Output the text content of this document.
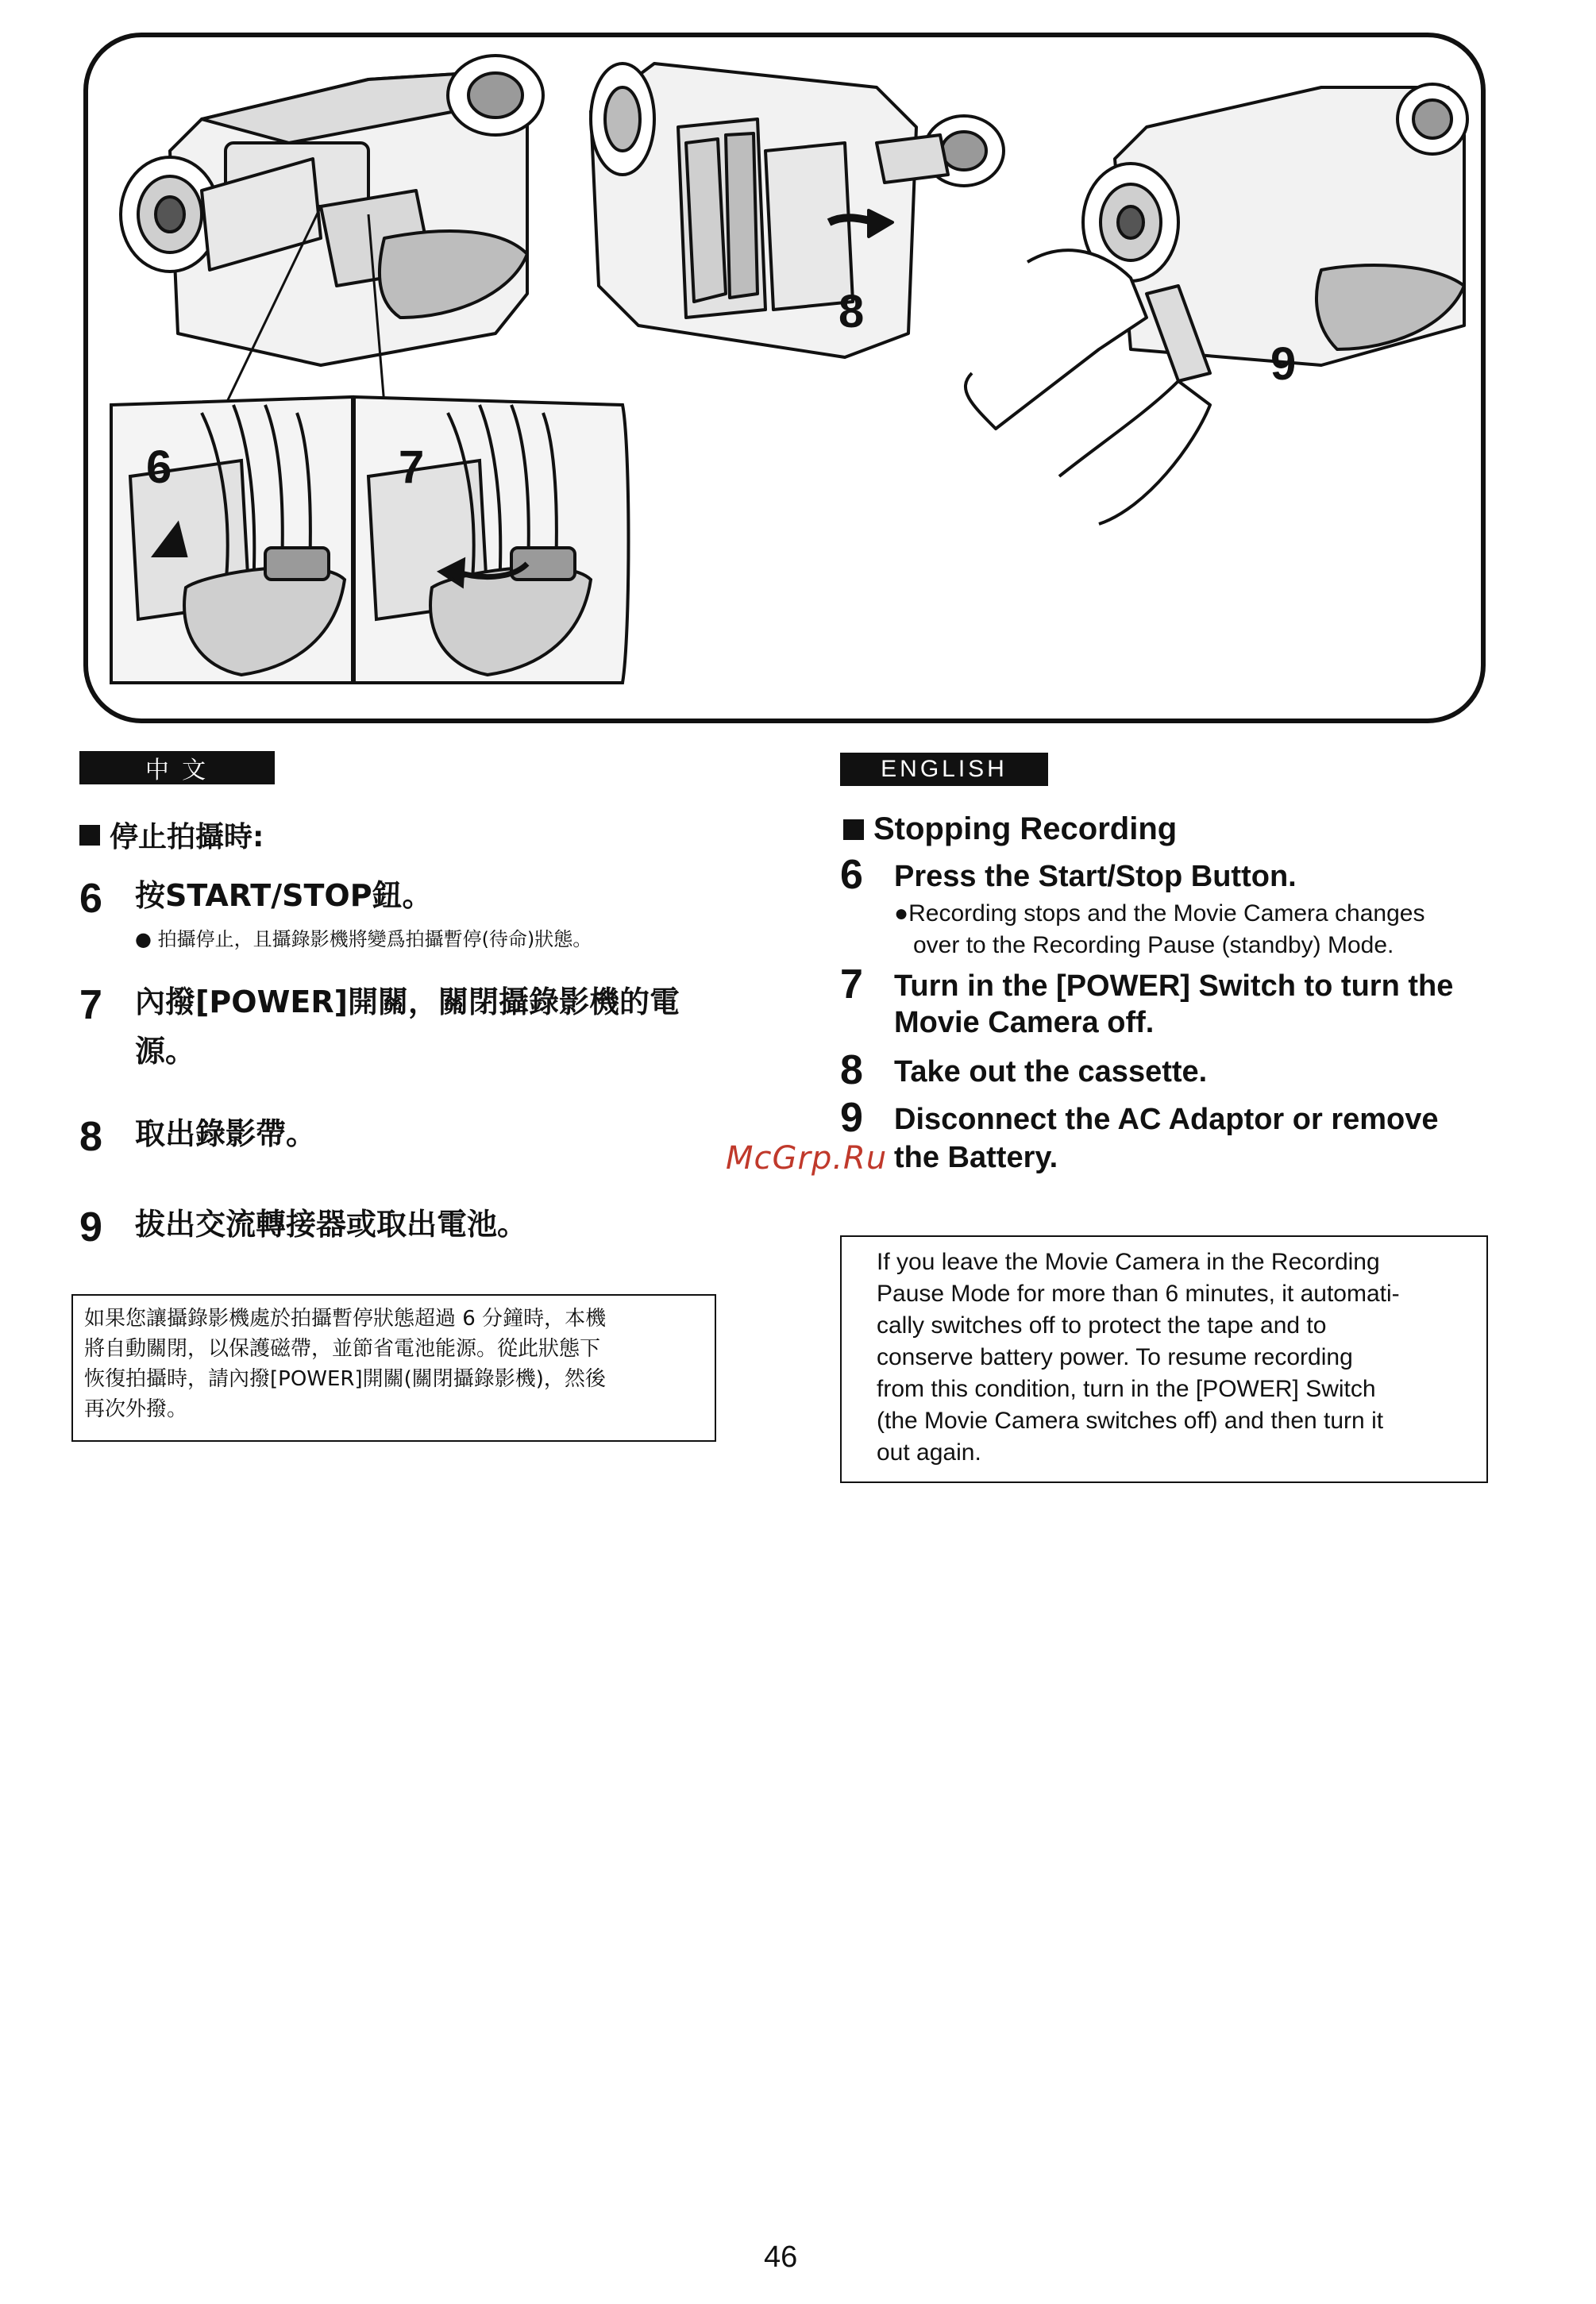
6	7
8
9
中 文
停止拍攝時:
6 按START/STOP鈕。
● 拍攝停止，且攝錄影機將變爲拍攝暫停(待命)狀態。
7 內撥[POWER]開關，關閉攝錄影機的電
源。
8 取出錄影帶。
9 拔出交流轉接器或取出電池。
如果您讓攝錄影機處於拍攝暫停狀態超過 6 分鐘時，本機
將自動關閉，以保護磁帶，並節省電池能源。從此狀態下
恢復拍攝時，請內撥[POWER]開關(關閉攝錄影機)，然後
再次外撥。
ENGLISH
Stopping Recording
6 Press the Start/Stop Button.
●Recording stops and the Movie Camera changes
over to the Recording Pause (standby) Mode.
7 Turn in the [POWER] Switch to turn the
Movie Camera off.
8 Take out the cassette.
9 Disconnect the AC Adaptor or remove
the Battery.
McGrp.Ru
If you leave the Movie Camera in the Recording
Pause Mode for more than 6 minutes, it automati-
cally switches off to protect the tape and to
conserve battery power. To resume recording
from this condition, turn in the [POWER] Switch
(the Movie Camera switches off) and then turn it
out again.
46
